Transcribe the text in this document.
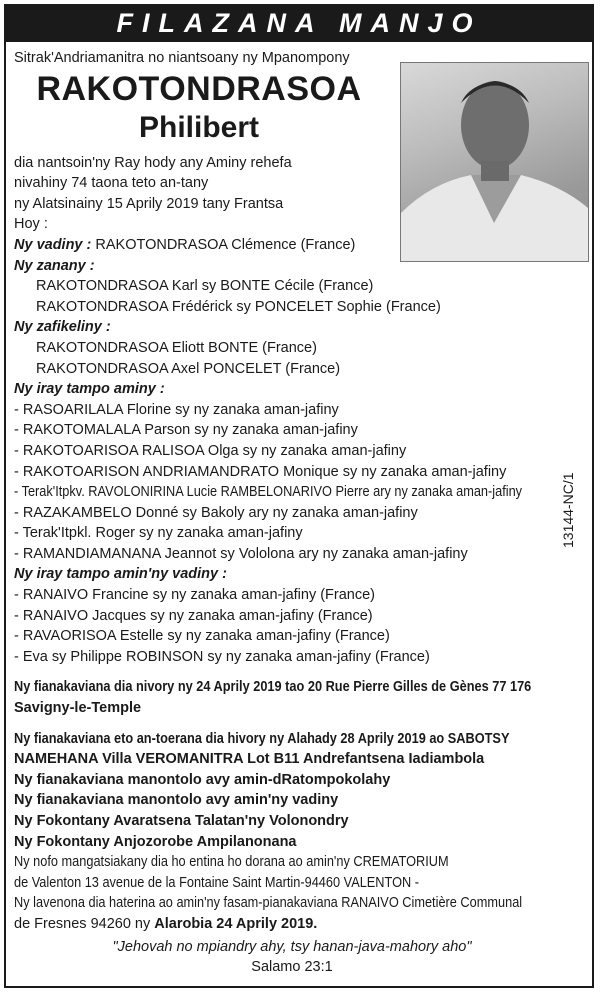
FILAZANA MANJO
Sitrak'Andriamanitra no niantsoany ny Mpanompony
RAKOTONDRASOA
Philibert
dia nantsoin'ny Ray hody any Aminy rehefa
nivahiny 74 taona teto an-tany
ny Alatsinainy 15 Aprily 2019 tany Frantsa
Hoy :
Ny vadiny : RAKOTONDRASOA Clémence (France)
Ny zanany :
RAKOTONDRASOA Karl sy BONTE Cécile (France)
RAKOTONDRASOA Frédérick sy PONCELET Sophie (France)
Ny zafikeliny :
RAKOTONDRASOA Eliott BONTE (France)
RAKOTONDRASOA Axel PONCELET (France)
Ny iray tampo aminy :
- RASOARILALA Florine sy ny zanaka aman-jafiny
- RAKOTOMALALA Parson sy ny zanaka aman-jafiny
- RAKOTOARISOA RALISOA Olga sy ny zanaka aman-jafiny
- RAKOTOARISON ANDRIAMANDRATO Monique sy ny zanaka aman-jafiny
- Terak'Itpkv. RAVOLONIRINA Lucie RAMBELONARIVO Pierre ary ny zanaka aman-jafiny
- RAZAKAMBELO Donné sy Bakoly ary ny zanaka aman-jafiny
- Terak'Itpkl. Roger sy ny zanaka aman-jafiny
- RAMANDIAMANANA Jeannot sy Vololona ary ny zanaka aman-jafiny
Ny iray tampo amin'ny vadiny :
- RANAIVO Francine sy ny zanaka aman-jafiny (France)
- RANAIVO Jacques sy ny zanaka aman-jafiny (France)
- RAVAORISOA Estelle sy ny zanaka aman-jafiny (France)
- Eva sy Philippe ROBINSON sy ny zanaka aman-jafiny (France)
Ny fianakaviana dia nivory ny 24 Aprily 2019 tao 20 Rue Pierre Gilles de Gènes 77 176
Savigny-le-Temple
Ny fianakaviana eto an-toerana dia hivory ny Alahady 28 Aprily 2019 ao SABOTSY
NAMEHANA Villa VEROMANITRA Lot B11 Andrefantsena Iadiambola
Ny fianakaviana manontolo avy amin-dRatompokolahy
Ny fianakaviana manontolo avy amin'ny vadiny
Ny Fokontany Avaratsena Talatan'ny Volonondry
Ny Fokontany Anjozorobe Ampilanonana
Ny nofo mangatsiakany dia ho entina ho dorana ao amin'ny CREMATORIUM
de Valenton 13 avenue de la Fontaine Saint Martin-94460 VALENTON -
Ny lavenona dia haterina ao amin'ny fasam-pianakaviana RANAIVO Cimetière Communal
de Fresnes 94260 ny Alarobia 24 Aprily 2019.
"Jehovah no mpiandry ahy, tsy hanan-java-mahory aho"
Salamo 23:1
13144-NC/1
